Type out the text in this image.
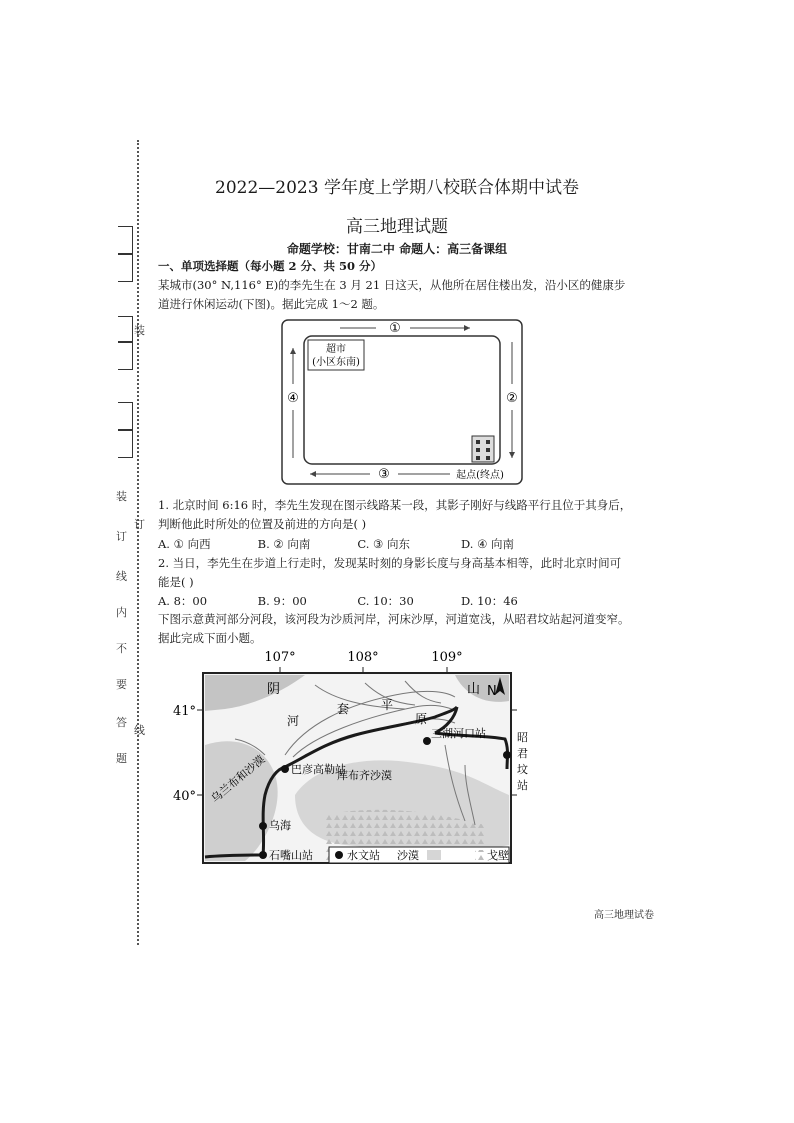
装
订
线
装
订
线
内
不
要
答
题
2022—2023 学年度上学期八校联合体期中试卷
高三地理试题
命题学校：甘南二中 命题人：高三备课组
一、单项选择题（每小题 2 分、共 50 分）
某城市(30° N,116° E)的李先生在 3 月 21 日这天，从他所在居住楼出发，沿小区的健康步
道进行休闲运动(下图)。据此完成 1～2 题。
①
②
③
④
超市
(小区东南)
起点(终点)
1. 北京时间 6:16 时，李先生发现在图示线路某一段，其影子刚好与线路平行且位于其身后，
判断他此时所处的位置及前进的方向是( )
A. ① 向西	B. ② 向南	C. ③ 向东	D. ④ 向南
2. 当日，李先生在步道上行走时，发现某时刻的身影长度与身高基本相等，此时北京时间可
能是( )
A. 8：00	B. 9：00	C. 10：30	D. 10：46
下图示意黄河部分河段，该河段为沙质河岸，河床沙厚，河道宽浅，从昭君坟站起河道变窄。
据此完成下面小题。
N
107°	108°	109°
41°
40°
阴	山
河
套	平
原
乌兰布和沙漠	库布齐沙漠
巴彦高勒站
乌海
石嘴山站
三湖河口站	昭
君
坟
站
水文站 沙漠	戈壁
高三地理试卷
